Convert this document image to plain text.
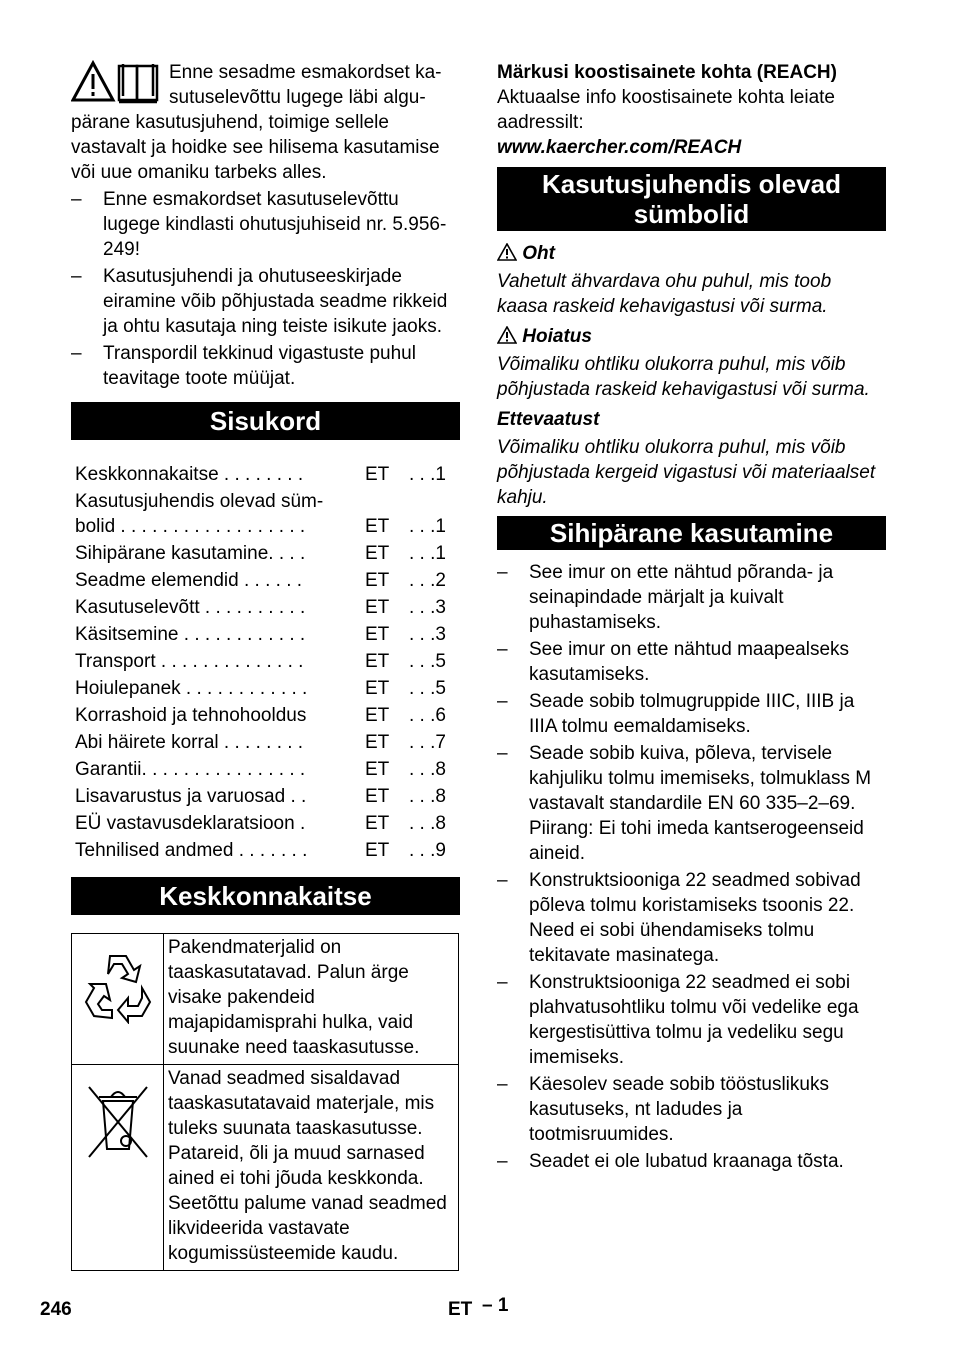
Enne sesadme esmakordset ka-
sutuselevõttu lugege läbi algu-
pärane kasutusjuhend, toimige sellele vastavalt ja hoidke see hilisema kasutamise või uue omaniku tarbeks alles.

– Enne esmakordset kasutuselevõttu lugege kindlasti ohutusjuhiseid nr. 5.956-249!
– Kasutusjuhendi ja ohutuseeskirjade eiramine võib põhjustada seadme rikkeid ja ohtu kasutaja ning teiste isikute jaoks.
– Transpordil tekkinud vigastuste puhul teavitage toote müüjat.
Sisukord
Keskkonnakaitse . . . . . . . .	ET	. . .1
Kasutusjuhendis olevad süm-
bolid . . . . . . . . . . . . . . . . . .	ET	. . .1
Sihipärane kasutamine. . . .	ET	. . .1
Seadme elemendid . . . . . .	ET	. . .2
Kasutuselevõtt . . . . . . . . . .	ET	. . .3
Käsitsemine . . . . . . . . . . . .	ET	. . .3
Transport . . . . . . . . . . . . . .	ET	. . .5
Hoiulepanek . . . . . . . . . . . .	ET	. . .5
Korrashoid ja tehnohooldus	ET	. . .6
Abi häirete korral . . . . . . . .	ET	. . .7
Garantii. . . . . . . . . . . . . . . .	ET	. . .8
Lisavarustus ja varuosad . .	ET	. . .8
EÜ vastavusdeklaratsioon .	ET	. . .8
Tehnilised andmed . . . . . . .	ET	. . .9
Keskkonnakaitse
	Pakendmaterjalid on taaskasutatavad. Palun ärge visake pakendeid majapidamisprahi hulka, vaid suunake need taaskasutusse.
	Vanad seadmed sisaldavad taaskasutatavaid materjale, mis tuleks suunata taaskasutusse. Patareid, õli ja muud sarnased ained ei tohi jõuda keskkonda. Seetõttu palume vanad seadmed likvideerida vastavate kogumissüsteemide kaudu.

Märkusi koostisainete kohta (REACH)

Aktuaalse info koostisainete kohta leiate aadressilt:

www.kaercher.com/REACH

Kasutusjuhendis olevad sümbolid

Oht

Vahetult ähvardava ohu puhul, mis toob kaasa raskeid kehavigastusi või surma.

Hoiatus

Võimaliku ohtliku olukorra puhul, mis võib põhjustada raskeid kehavigastusi või surma.

Ettevaatust

Võimaliku ohtliku olukorra puhul, mis võib põhjustada kergeid vigastusi või materiaalset kahju.

Sihipärane kasutamine
– See imur on ette nähtud põranda- ja seinapindade märjalt ja kuivalt puhastamiseks.
– See imur on ette nähtud maapealseks kasutamiseks.
– Seade sobib tolmugruppide IIIC, IIIB ja IIIA tolmu eemaldamiseks.
– Seade sobib kuiva, põleva, tervisele kahjuliku tolmu imemiseks, tolmuklass M vastavalt standardile EN 60 335–2–69. Piirang: Ei tohi imeda kantserogeenseid aineid.
– Konstruktsiooniga 22 seadmed sobivad põleva tolmu koristamiseks tsoonis 22. Need ei sobi ühendamiseks tolmu tekitavate masinatega.
– Konstruktsiooniga 22 seadmed ei sobi plahvatusohtliku tolmu või vedelike ega kergestisüttiva tolmu ja vedeliku segu imemiseks.
– Käesolev seade sobib tööstuslikuks kasutuseks, nt ladudes ja tootmisruumides.
– Seadet ei ole lubatud kraanaga tõsta.
246	ET – 1
